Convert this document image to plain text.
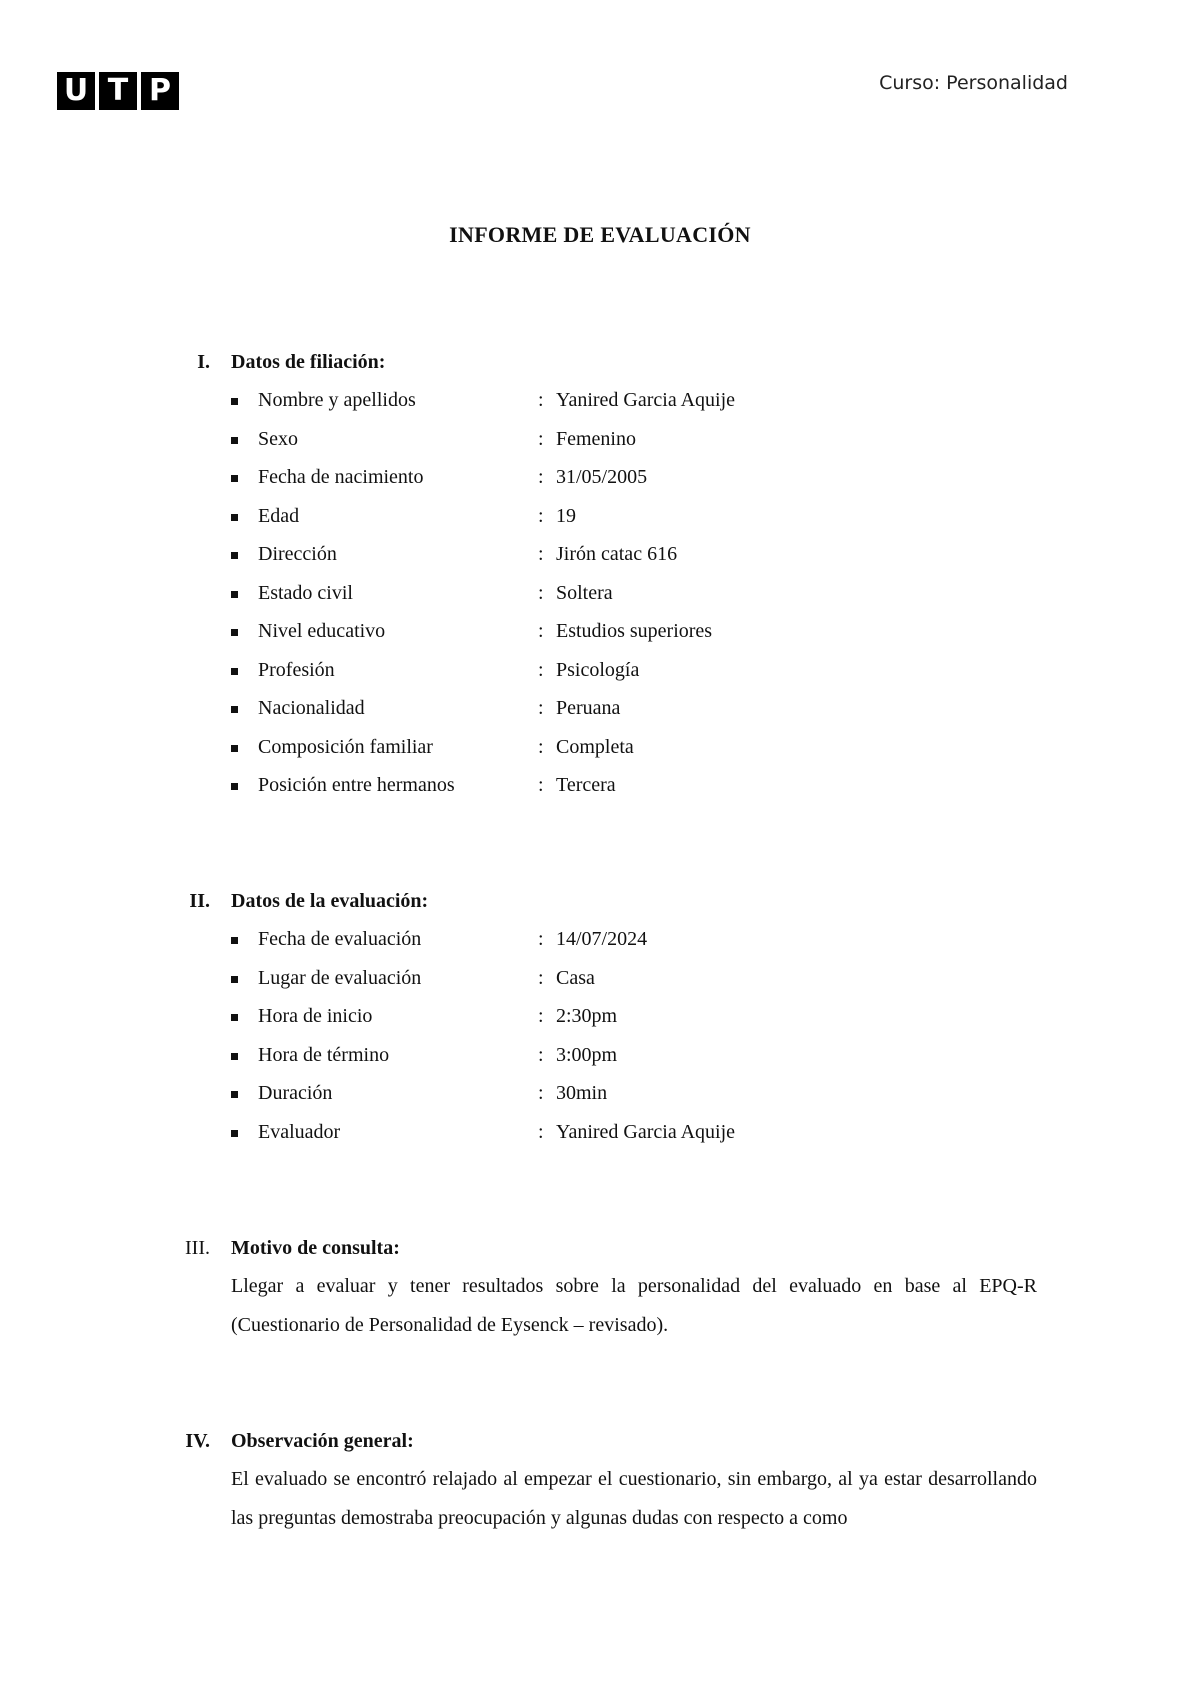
U T P	Curso: Personalidad
INFORME DE EVALUACIÓN
I. Datos de filiación:
Nombre y apellidos	: Yanired Garcia Aquije
Sexo	: Femenino
Fecha de nacimiento	: 31/05/2005
Edad	: 19
Dirección	: Jirón catac 616
Estado civil	: Soltera
Nivel educativo	: Estudios superiores
Profesión	: Psicología
Nacionalidad	: Peruana
Composición familiar	: Completa
Posición entre hermanos	: Tercera
II. Datos de la evaluación:
Fecha de evaluación	: 14/07/2024
Lugar de evaluación	: Casa
Hora de inicio	: 2:30pm
Hora de término	: 3:00pm
Duración	: 30min
Evaluador	: Yanired Garcia Aquije
III. Motivo de consulta:
Llegar a evaluar y tener resultados sobre la personalidad del evaluado en base al EPQ-R (Cuestionario de Personalidad de Eysenck – revisado).
IV. Observación general:
El evaluado se encontró relajado al empezar el cuestionario, sin embargo, al ya estar desarrollando las preguntas demostraba preocupación y algunas dudas con respecto a como
